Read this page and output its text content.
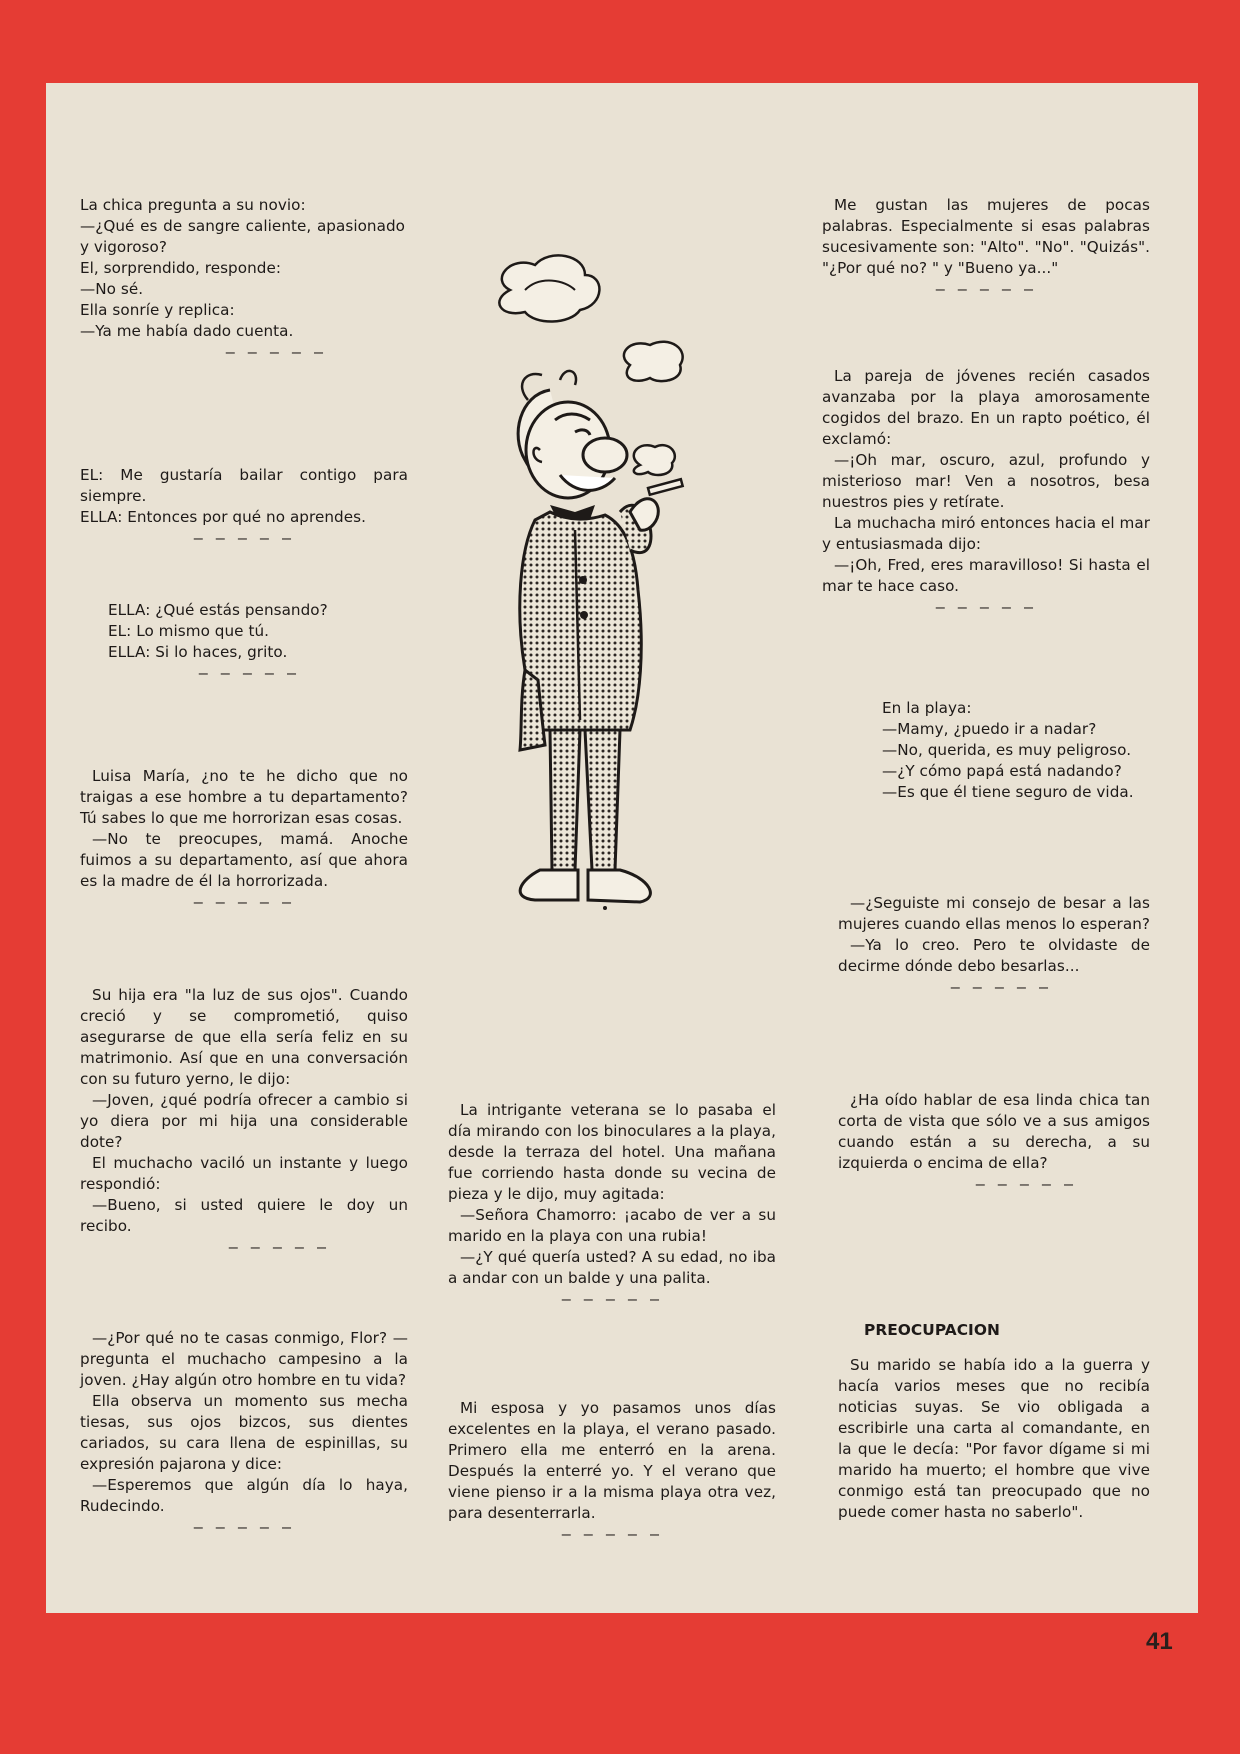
La chica pregunta a su novio:

—¿Qué es de sangre caliente, apasionado y vigoroso?

El, sorprendido, responde:

—No sé.

Ella sonríe y replica:

—Ya me había dado cuenta.

— — — — —

EL: Me gustaría bailar contigo para siempre.

ELLA: Entonces por qué no aprendes.

— — — — —

ELLA: ¿Qué estás pensando?

EL: Lo mismo que tú.

ELLA: Si lo haces, grito.

— — — — —

Luisa María, ¿no te he dicho que no traigas a ese hombre a tu departamento? Tú sabes lo que me horrorizan esas cosas.

—No te preocupes, mamá. Anoche fuimos a su departamento, así que ahora es la madre de él la horrorizada.

— — — — —

Su hija era "la luz de sus ojos". Cuando creció y se comprometió, quiso asegurarse de que ella sería feliz en su matrimonio. Así que en una conversación con su futuro yerno, le dijo:

—Joven, ¿qué podría ofrecer a cambio si yo diera por mi hija una considerable dote?

El muchacho vaciló un instante y luego respondió:

—Bueno, si usted quiere le doy un recibo.

— — — — —

—¿Por qué no te casas conmigo, Flor? —pregunta el muchacho campesino a la joven. ¿Hay algún otro hombre en tu vida?

Ella observa un momento sus mecha tiesas, sus ojos bizcos, sus dientes cariados, su cara llena de espinillas, su expresión pajarona y dice:

—Esperemos que algún día lo haya, Rudecindo.

— — — — —

La intrigante veterana se lo pasaba el día mirando con los binoculares a la playa, desde la terraza del hotel. Una mañana fue corriendo hasta donde su vecina de pieza y le dijo, muy agitada:

—Señora Chamorro: ¡acabo de ver a su marido en la playa con una rubia!

—¿Y qué quería usted? A su edad, no iba a andar con un balde y una palita.

— — — — —

Mi esposa y yo pasamos unos días excelentes en la playa, el verano pasado. Primero ella me enterró en la arena. Después la enterré yo. Y el verano que viene pienso ir a la misma playa otra vez, para desenterrarla.

— — — — —

Me gustan las mujeres de pocas palabras. Especialmente si esas palabras sucesivamente son: "Alto". "No". "Quizás". "¿Por qué no? " y "Bueno ya..."

— — — — —

La pareja de jóvenes recién casados avanzaba por la playa amorosamente cogidos del brazo. En un rapto poético, él exclamó:

—¡Oh mar, oscuro, azul, profundo y misterioso mar! Ven a nosotros, besa nuestros pies y retírate.

La muchacha miró entonces hacia el mar y entusiasmada dijo:

—¡Oh, Fred, eres maravilloso! Si hasta el mar te hace caso.

— — — — —

En la playa:

—Mamy, ¿puedo ir a nadar?

—No, querida, es muy peligroso.

—¿Y cómo papá está nadando?

—Es que él tiene seguro de vida.

—¿Seguiste mi consejo de besar a las mujeres cuando ellas menos lo esperan?

—Ya lo creo. Pero te olvidaste de decirme dónde debo besarlas...

— — — — —

¿Ha oído hablar de esa linda chica tan corta de vista que sólo ve a sus amigos cuando están a su derecha, a su izquierda o encima de ella?

— — — — —

PREOCUPACION

Su marido se había ido a la guerra y hacía varios meses que no recibía noticias suyas. Se vio obligada a escribirle una carta al comandante, en la que le decía: "Por favor dígame si mi marido ha muerto; el hombre que vive conmigo está tan preocupado que no puede comer hasta no saberlo".

41
